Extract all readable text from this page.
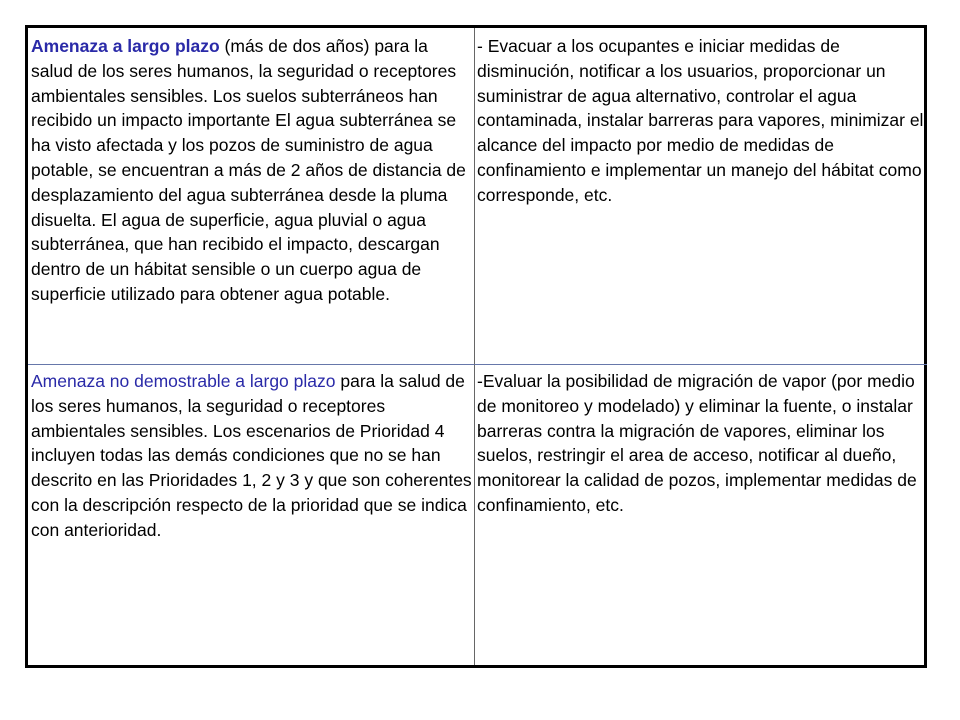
Amenaza a largo plazo (más de dos años) para la salud de los seres humanos, la seguridad o receptores ambientales sensibles. Los suelos subterráneos han recibido un impacto importante El agua subterránea se ha visto afectada y los pozos de suministro de agua potable, se encuentran a más de 2 años de distancia de desplazamiento del agua subterránea desde la pluma disuelta. El agua de superficie, agua pluvial o agua subterránea, que han recibido el impacto, descargan dentro de un hábitat sensible o un cuerpo agua de superficie utilizado para obtener agua potable.
- Evacuar a los ocupantes e iniciar medidas de disminución, notificar a los usuarios, proporcionar un suministrar de agua alternativo, controlar el agua contaminada, instalar barreras para vapores, minimizar el alcance del impacto por medio de medidas de confinamiento e implementar un manejo del hábitat como corresponde, etc.
Amenaza no demostrable a largo plazo para la salud de los seres humanos, la seguridad o receptores ambientales sensibles. Los escenarios de Prioridad 4 incluyen todas las demás condiciones que no se han descrito en las Prioridades 1, 2 y 3 y que son coherentes con la descripción respecto de la prioridad que se indica con anterioridad.
-Evaluar la posibilidad de migración de vapor (por medio de monitoreo y modelado) y eliminar la fuente, o instalar barreras contra la migración de vapores, eliminar los suelos, restringir el area de acceso, notificar al dueño, monitorear la calidad de pozos, implementar medidas de confinamiento, etc.
